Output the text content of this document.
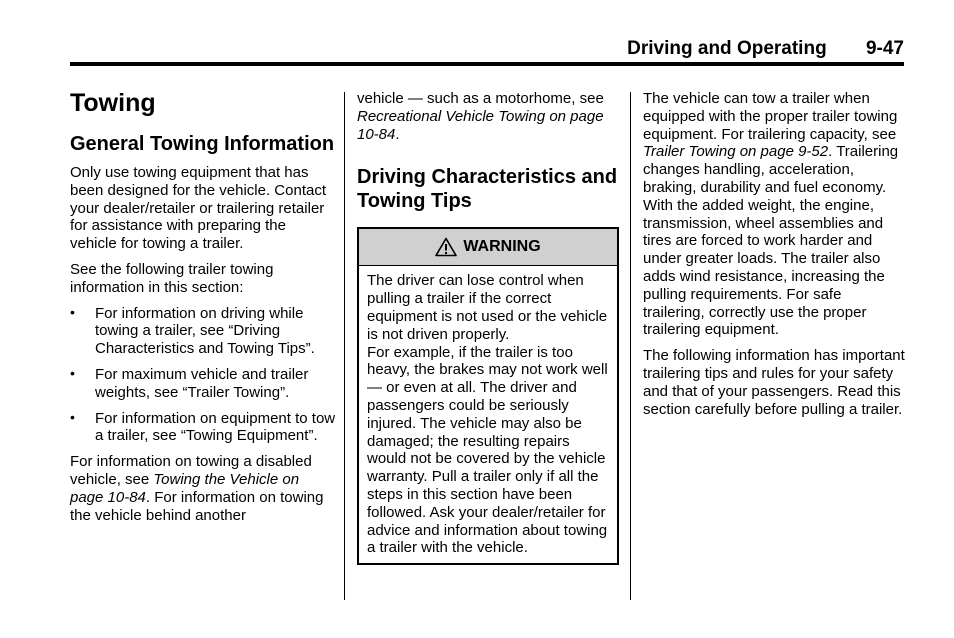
Driving and Operating 9-47
Towing
General Towing Information

Only use towing equipment that has been designed for the vehicle. Contact your dealer/retailer or trailering retailer for assistance with preparing the vehicle for towing a trailer.

See the following trailer towing information in this section:

• For information on driving while towing a trailer, see “Driving Characteristics and Towing Tips”.
• For maximum vehicle and trailer weights, see “Trailer Towing”.
• For information on equipment to tow a trailer, see “Towing Equipment”.

For information on towing a disabled vehicle, see Towing the Vehicle on page 10-84. For information on towing the vehicle behind another

vehicle — such as a motorhome, see Recreational Vehicle Towing on page 10-84.

Driving Characteristics and Towing Tips
WARNING

The driver can lose control when pulling a trailer if the correct equipment is not used or the vehicle is not driven properly.

For example, if the trailer is too heavy, the brakes may not work well — or even at all. The driver and passengers could be seriously injured. The vehicle may also be damaged; the resulting repairs would not be covered by the vehicle warranty. Pull a trailer only if all the steps in this section have been followed. Ask your dealer/retailer for advice and information about towing a trailer with the vehicle.

The vehicle can tow a trailer when equipped with the proper trailer towing equipment. For trailering capacity, see Trailer Towing on page 9-52. Trailering changes handling, acceleration, braking, durability and fuel economy.

With the added weight, the engine, transmission, wheel assemblies and tires are forced to work harder and under greater loads. The trailer also adds wind resistance, increasing the pulling requirements. For safe trailering, correctly use the proper trailering equipment.

The following information has important trailering tips and rules for your safety and that of your passengers. Read this section carefully before pulling a trailer.
